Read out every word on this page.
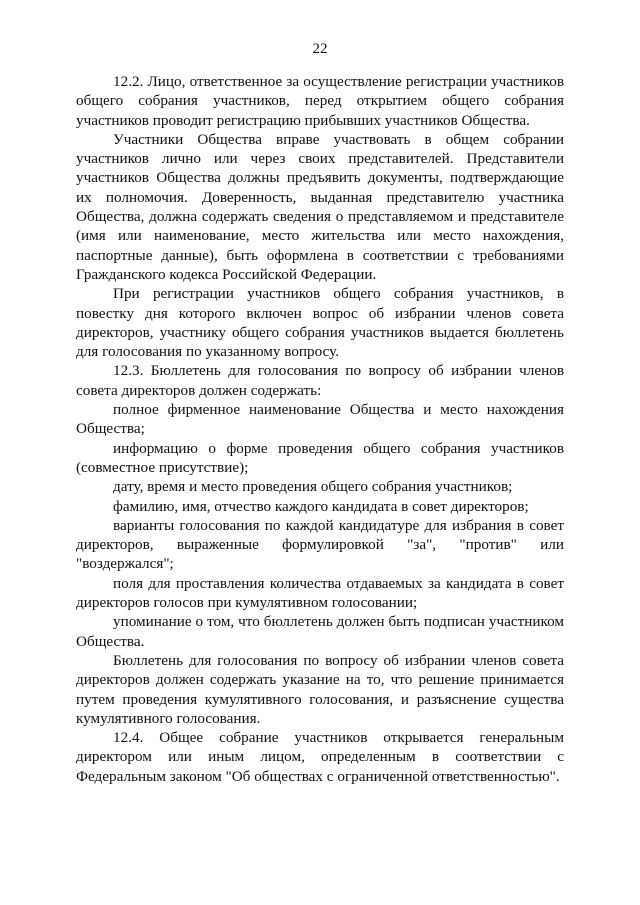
22

12.2. Лицо, ответственное за осуществление регистрации участников общего собрания участников, перед открытием общего собрания участников проводит регистрацию прибывших участников Общества.

Участники Общества вправе участвовать в общем собрании участников лично или через своих представителей. Представители участников Общества должны предъявить документы, подтверждающие их полномочия. Доверенность, выданная представителю участника Общества, должна содержать сведения о представляемом и представителе (имя или наименование, место жительства или место нахождения, паспортные данные), быть оформлена в соответствии с требованиями Гражданского кодекса Российской Федерации.

При регистрации участников общего собрания участников, в повестку дня которого включен вопрос об избрании членов совета директоров, участнику общего собрания участников выдается бюллетень для голосования по указанному вопросу.

12.3. Бюллетень для голосования по вопросу об избрании членов совета директоров должен содержать:

полное фирменное наименование Общества и место нахождения Общества;

информацию о форме проведения общего собрания участников (совместное присутствие);

дату, время и место проведения общего собрания участников;

фамилию, имя, отчество каждого кандидата в совет директоров;

варианты голосования по каждой кандидатуре для избрания в совет директоров, выраженные формулировкой "за", "против" или "воздержался";

поля для проставления количества отдаваемых за кандидата в совет директоров голосов при кумулятивном голосовании;

упоминание о том, что бюллетень должен быть подписан участником Общества.

Бюллетень для голосования по вопросу об избрании членов совета директоров должен содержать указание на то, что решение принимается путем проведения кумулятивного голосования, и разъяснение существа кумулятивного голосования.

12.4. Общее собрание участников открывается генеральным директором или иным лицом, определенным в соответствии с Федеральным законом "Об обществах с ограниченной ответственностью".
